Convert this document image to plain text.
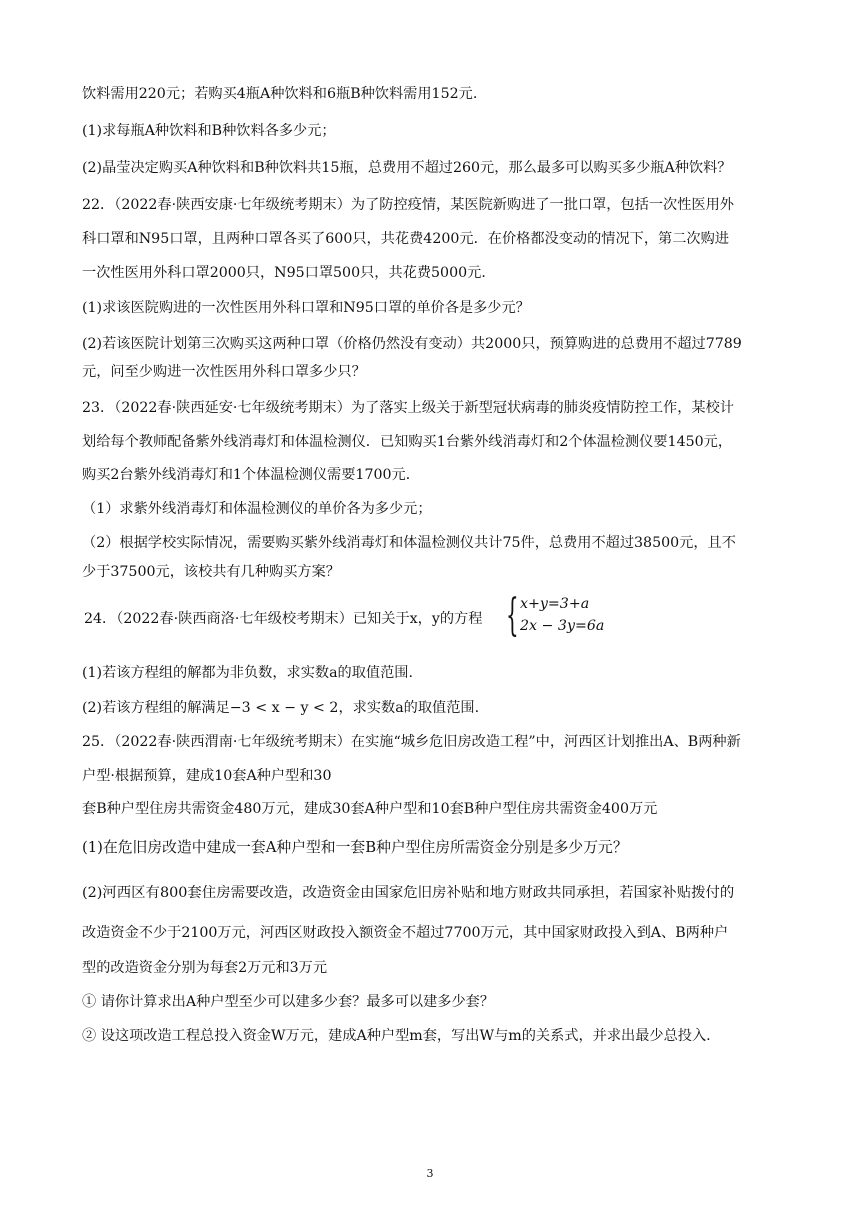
饮料需用220元；若购买4瓶A种饮料和6瓶B种饮料需用152元.
(1)求每瓶A种饮料和B种饮料各多少元；
(2)晶莹决定购买A种饮料和B种饮料共15瓶，总费用不超过260元，那么最多可以购买多少瓶A种饮料？
22．（2022春·陕西安康·七年级统考期末）为了防控疫情，某医院新购进了一批口罩，包括一次性医用外
科口罩和N95口罩，且两种口罩各买了600只，共花费4200元．在价格都没变动的情况下，第二次购进
一次性医用外科口罩2000只，N95口罩500只，共花费5000元．
(1)求该医院购进的一次性医用外科口罩和N95口罩的单价各是多少元？
(2)若该医院计划第三次购买这两种口罩（价格仍然没有变动）共2000只，预算购进的总费用不超过7789
元，问至少购进一次性医用外科口罩多少只？
23．（2022春·陕西延安·七年级统考期末）为了落实上级关于新型冠状病毒的肺炎疫情防控工作，某校计
划给每个教师配备紫外线消毒灯和体温检测仪．已知购买1台紫外线消毒灯和2个体温检测仪要1450元，
购买2台紫外线消毒灯和1个体温检测仪需要1700元．
（1）求紫外线消毒灯和体温检测仪的单价各为多少元；
（2）根据学校实际情况，需要购买紫外线消毒灯和体温检测仪共计75件，总费用不超过38500元，且不
少于37500元，该校共有几种购买方案？
24．（2022春·陕西商洛·七年级校考期末）已知关于x，y的方程 { x+y=3+a
2x − 3y=6a
(1)若该方程组的解都为非负数，求实数a的取值范围.
(2)若该方程组的解满足−3 < x − y < 2，求实数a的取值范围.
25．（2022春·陕西渭南·七年级统考期末）在实施“城乡危旧房改造工程”中，河西区计划推出A、B两种新
户型·根据预算，建成10套A种户型和30
套B种户型住房共需资金480万元，建成30套A种户型和10套B种户型住房共需资金400万元
(1)在危旧房改造中建成一套A种户型和一套B种户型住房所需资金分别是多少万元？
(2)河西区有800套住房需要改造，改造资金由国家危旧房补贴和地方财政共同承担，若国家补贴拨付的
改造资金不少于2100万元，河西区财政投入额资金不超过7700万元，其中国家财政投入到A、B两种户
型的改造资金分别为每套2万元和3万元
① 请你计算求出A种户型至少可以建多少套？最多可以建多少套？
② 设这项改造工程总投入资金W万元，建成A种户型m套，写出W与m的关系式，并求出最少总投入.
3
